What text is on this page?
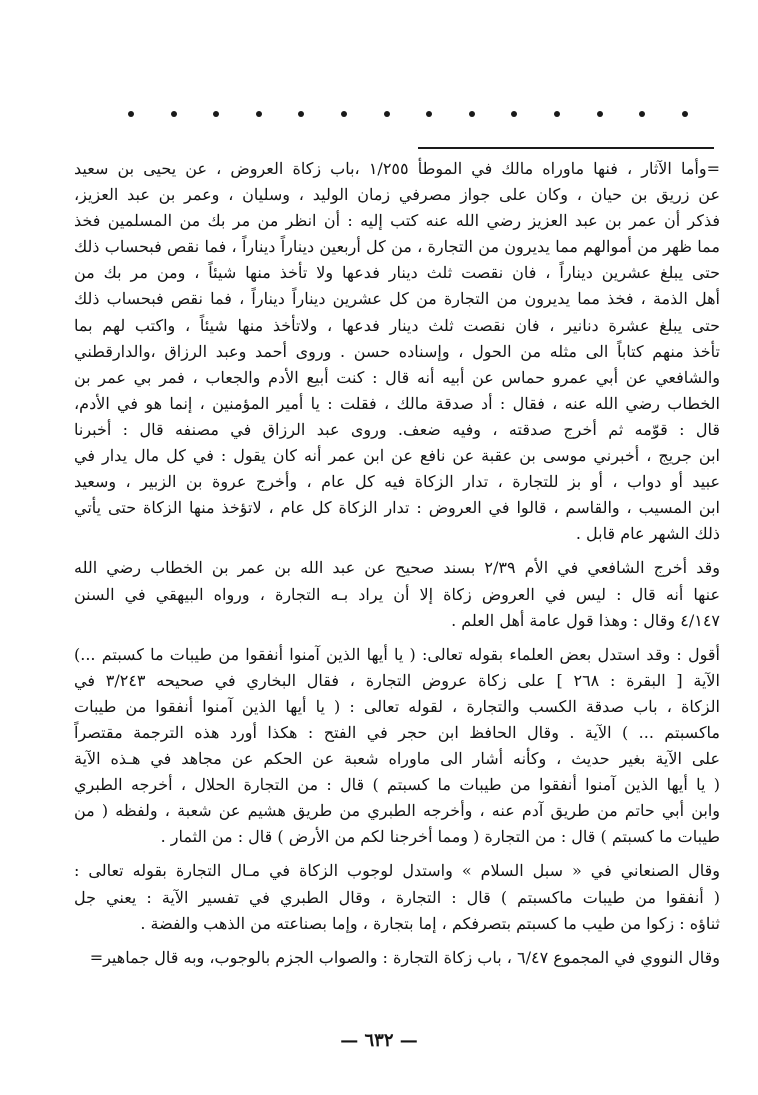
=وأما الآثار ، فنها ماوراه مالك في الموطأ ١/٢٥٥ ،باب زكاة العروض ، عن يحيى بن سعيد
عن زريق بن حيان ، وكان على جواز مصرفي زمان الوليد ، وسليان ، وعمر بن عبد العزيز،
فذكر أن عمر بن عبد العزيز رضي الله عنه كتب إليه : أن انظر من مر بك من المسلمين فخذ
مما ظهر من أموالهم مما يديرون من التجارة ، من كل أربعين ديناراً ديناراً ، فما نقص فبحساب ذلك
حتى يبلغ عشرين ديناراً ، فان نقصت ثلث دينار فدعها ولا تأخذ منها شيئاً ، ومن مر بك من
أهل الذمة ، فخذ مما يديرون من التجارة من كل عشرين ديناراً ديناراً ، فما نقص فبحساب ذلك
حتى يبلغ عشرة دنانير ، فان نقصت ثلث دينار فدعها ، ولاتأخذ منها شيئاً ، واكتب لهم بما
تأخذ منهم كتاباً الى مثله من الحول ، وإسناده حسن . وروى أحمد وعبد الرزاق ،والدارقطني
والشافعي عن أبي عمرو حماس عن أبيه أنه قال : كنت أبيع الأدم والجعاب ، فمر بي عمر بن
الخطاب رضي الله عنه ، فقال : أد صدقة مالك ، فقلت : يا أمير المؤمنين ، إنما هو في الأدم،
قال : قوّمه ثم أخرج صدقته ، وفيه ضعف. وروى عبد الرزاق في مصنفه قال : أخبرنا
ابن جريج ، أخبرني موسى بن عقبة عن نافع عن ابن عمر أنه كان يقول : في كل مال يدار في
عبيد أو دواب ، أو بز للتجارة ، تدار الزكاة فيه كل عام ، وأخرج عروة بن الزبير ، وسعيد
ابن المسيب ، والقاسم ، قالوا في العروض : تدار الزكاة كل عام ، لاتؤخذ منها الزكاة حتى يأتي
ذلك الشهر عام قابل .

وقد أخرج الشافعي في الأم ٢/٣٩ بسند صحيح عن عبد الله بن عمر بن الخطاب رضي الله
عنها أنه قال : ليس في العروض زكاة إلا أن يراد بـه التجارة ، ورواه البيهقي في السنن
٤/١٤٧ وقال : وهذا قول عامة أهل العلم .

أقول : وقد استدل بعض العلماء بقوله تعالى: ( يا أيها الذين آمنوا أنفقوا من طيبات ما كسبتم ...)
الآية [ البقرة : ٢٦٨ ] على زكاة عروض التجارة ، فقال البخاري في صحيحه ٣/٢٤٣ في
الزكاة ، باب صدقة الكسب والتجارة ، لقوله تعالى : ( يا أيها الذين آمنوا أنفقوا من طيبات
ماكسبتم ... ) الآية . وقال الحافظ ابن حجر في الفتح : هكذا أورد هذه الترجمة مقتصراً
على الآية بغير حديث ، وكأنه أشار الى ماوراه شعبة عن الحكم عن مجاهد في هـذه الآية
( يا أيها الذين آمنوا أنفقوا من طيبات ما كسبتم ) قال : من التجارة الحلال ، أخرجه الطبري
وابن أبي حاتم من طريق آدم عنه ، وأخرجه الطبري من طريق هشيم عن شعبة ، ولفظه ( من
طيبات ما كسبتم ) قال : من التجارة ( ومما أخرجنا لكم من الأرض ) قال : من الثمار .

وقال الصنعاني في « سبل السلام » واستدل لوجوب الزكاة في مـال التجارة بقوله تعالى :
( أنفقوا من طيبات ماكسبتم ) قال : التجارة ، وقال الطبري في تفسير الآية : يعني جل
ثناؤه : زكوا من طيب ما كسبتم بتصرفكم ، إما بتجارة ، وإما بصناعته من الذهب والفضة .

وقال النووي في المجموع ٦/٤٧ ، باب زكاة التجارة : والصواب الجزم بالوجوب، وبه قال جماهير=

— ٦٣٢ —
